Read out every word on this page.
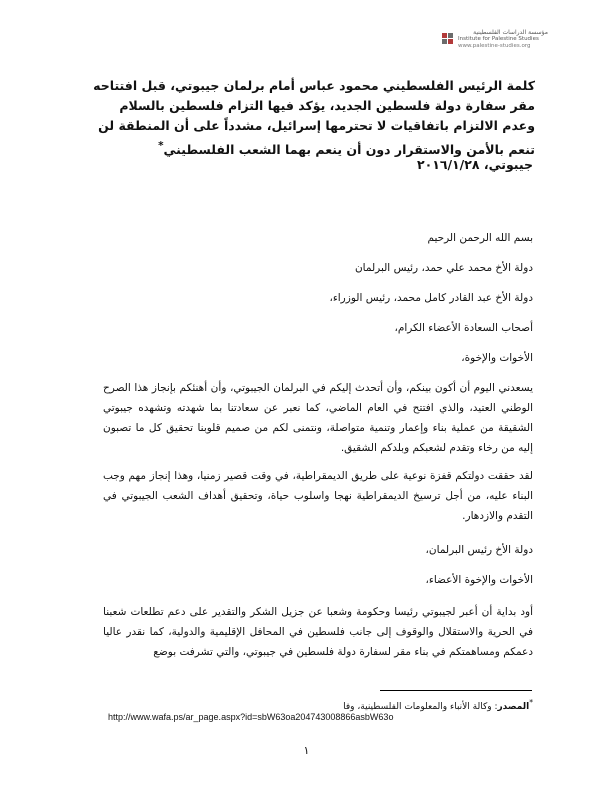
مؤسسة الدراسات الفلسطينية
Institute for Palestine Studies
www.palestine-studies.org
كلمة الرئيس الفلسطيني محمود عباس أمام برلمان جيبوتي، قبل افتتاحه مقر سفارة دولة فلسطين الجديد، يؤكد فيها التزام فلسطين بالسلام وعدم الالتزام باتفاقيات لا تحترمها إسرائيل، مشدداً على أن المنطقة لن تنعم بالأمن والاستقرار دون أن ينعم بهما الشعب الفلسطيني*
جيبوتي، ٢٠١٦/١/٢٨
بسم الله الرحمن الرحيم
دولة الأخ محمد علي حمد، رئيس البرلمان
دولة الأخ عبد القادر كامل محمد، رئيس الوزراء،
أصحاب السعادة الأعضاء الكرام،
الأخوات والإخوة،
يسعدني اليوم أن أكون بينكم، وأن أتحدث إليكم في البرلمان الجيبوتي، وأن أهنئكم بإنجاز هذا الصرح الوطني العتيد، والذي افتتح في العام الماضي، كما نعبر عن سعادتنا بما شهدته وتشهده جيبوتي الشقيقة من عملية بناء وإعمار وتنمية متواصلة، ونتمنى لكم من صميم قلوبنا تحقيق كل ما تصبون إليه من رخاء وتقدم لشعبكم وبلدكم الشقيق.
لقد حققت دولتكم قفزة نوعية على طريق الديمقراطية، في وقت قصير زمنيا، وهذا إنجاز مهم وجب البناء عليه، من أجل ترسيخ الديمقراطية نهجا واسلوب حياة، وتحقيق أهداف الشعب الجيبوتي في التقدم والازدهار.
دولة الأخ رئيس البرلمان،
الأخوات والإخوة الأعضاء،
أود بداية أن أعبر لجيبوتي رئيسا وحكومة وشعبا عن جزيل الشكر والتقدير على دعم تطلعات شعبنا في الحرية والاستقلال والوقوف إلى جانب فلسطين في المحافل الإقليمية والدولية، كما نقدر عاليا دعمكم ومساهمتكم في بناء مقر لسفارة دولة فلسطين في جيبوتي، والتي تشرفت بوضع
*المصدر: وكالة الأنباء والمعلومات الفلسطينية، وفا
http://www.wafa.ps/ar_page.aspx?id=sbW63oa204743008866asbW63o
١
